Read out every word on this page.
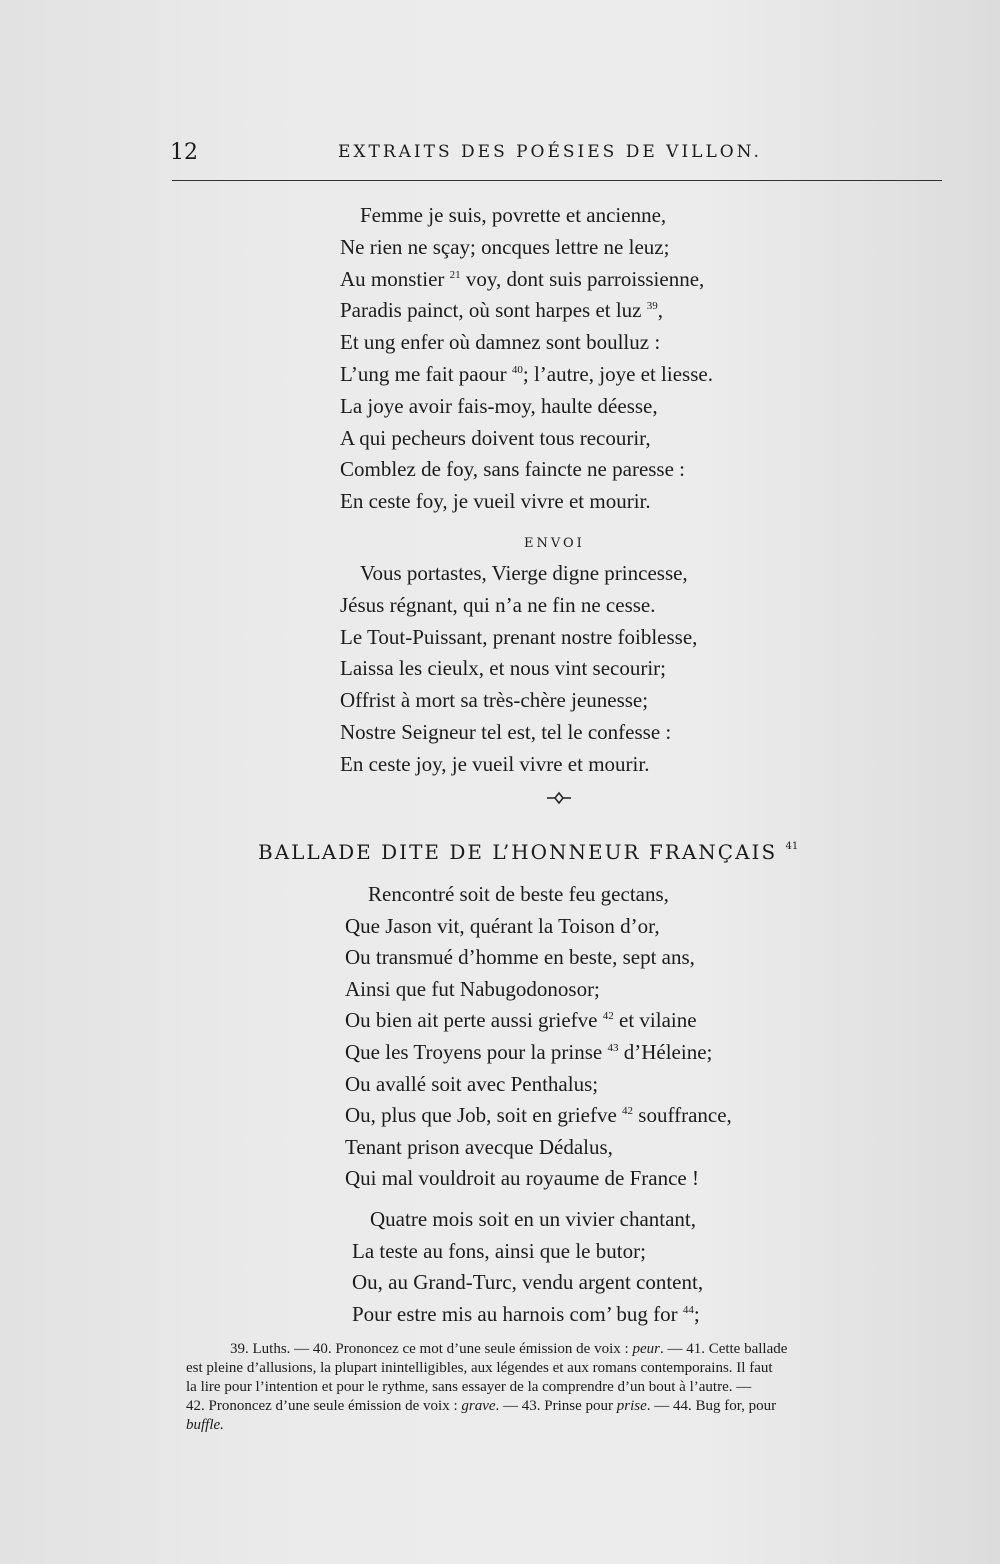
12	EXTRAITS DES POÉSIES DE VILLON.
Femme je suis, povrette et ancienne,
Ne rien ne sçay; oncques lettre ne leuz;
Au monstier $^{21}$ voy, dont suis parroissienne,
Paradis painct, où sont harpes et luz $^{39}$,
Et ung enfer où damnez sont boulluz :
L’ung me fait paour $^{40}$; l’autre, joye et liesse.
La joye avoir fais-moy, haulte déesse,
A qui pecheurs doivent tous recourir,
Comblez de foy, sans faincte ne paresse :
En ceste foy, je vueil vivre et mourir.
ENVOI
Vous portastes, Vierge digne princesse,
Jésus régnant, qui n’a ne fin ne cesse.
Le Tout-Puissant, prenant nostre foiblesse,
Laissa les cieulx, et nous vint secourir;
Offrist à mort sa très-chère jeunesse;
Nostre Seigneur tel est, tel le confesse :
En ceste joy, je vueil vivre et mourir.
BALLADE DITE DE L’HONNEUR FRANÇAIS $^{41}$
Rencontré soit de beste feu gectans,
Que Jason vit, quérant la Toison d’or,
Ou transmué d’homme en beste, sept ans,
Ainsi que fut Nabugodonosor;
Ou bien ait perte aussi griefve $^{42}$ et vilaine
Que les Troyens pour la prinse $^{43}$ d’Héleine;
Ou avallé soit avec Penthalus;
Ou, plus que Job, soit en griefve $^{42}$ souffrance,
Tenant prison avecque Dédalus,
Qui mal vouldroit au royaume de France !
Quatre mois soit en un vivier chantant,
La teste au fons, ainsi que le butor;
Ou, au Grand-Turc, vendu argent content,
Pour estre mis au harnois com’ bug for $^{44}$;
39. Luths. — 40. Prononcez ce mot d’une seule émission de voix : peur. — 41. Cette ballade
est pleine d’allusions, la plupart inintelligibles, aux légendes et aux romans contemporains. Il faut
la lire pour l’intention et pour le rythme, sans essayer de la comprendre d’un bout à l’autre. —
42. Prononcez d’une seule émission de voix : grave. — 43. Prinse pour prise. — 44. Bug for, pour
buffle.
